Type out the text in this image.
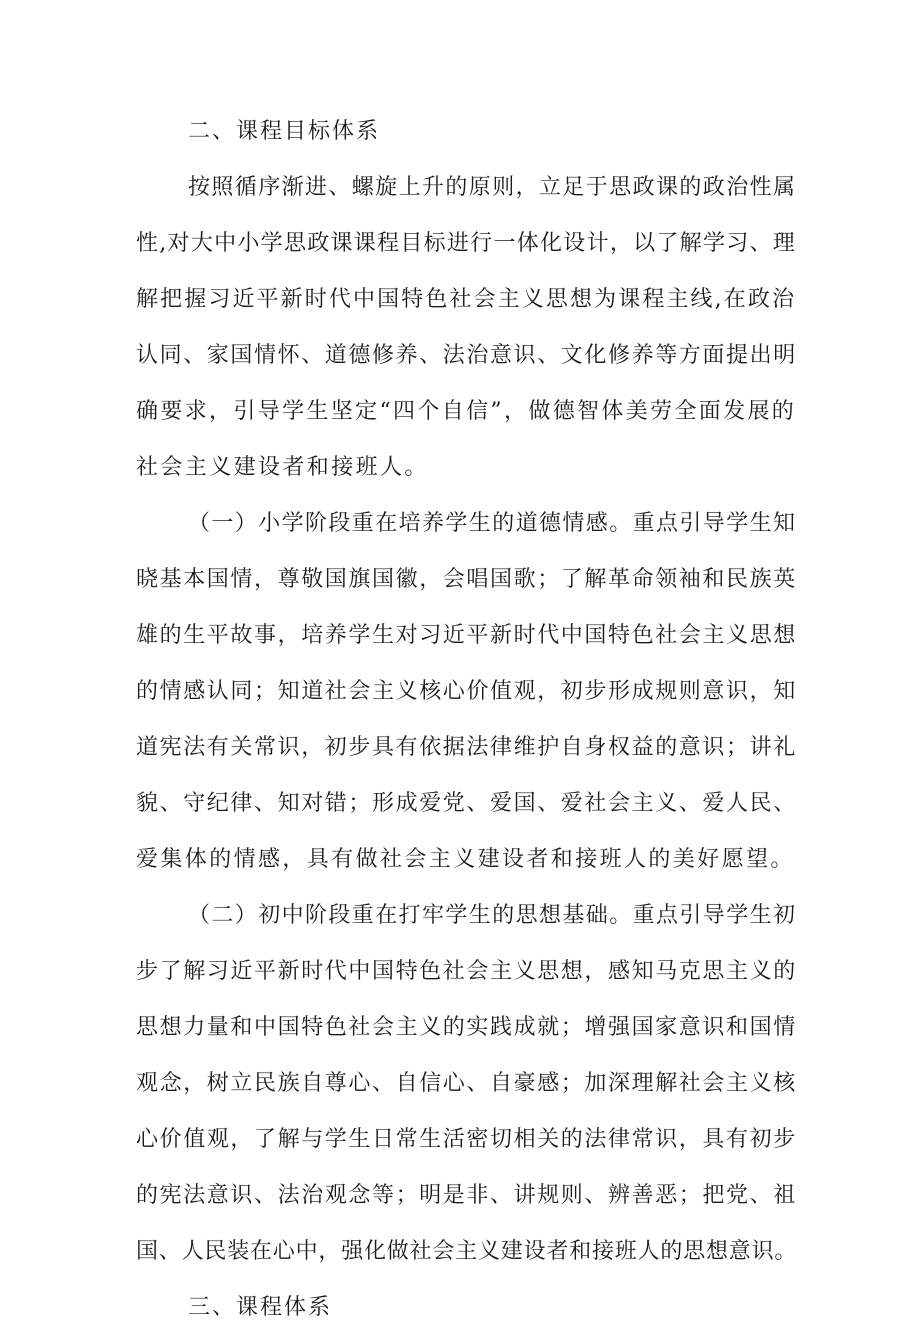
二、课程目标体系

按照循序渐进、螺旋上升的原则，立足于思政课的政治性属
性,对大中小学思政课课程目标进行一体化设计，以了解学习、理
解把握习近平新时代中国特色社会主义思想为课程主线,在政治
认同、家国情怀、道德修养、法治意识、文化修养等方面提出明
确要求，引导学生坚定“四个自信”，做德智体美劳全面发展的
社会主义建设者和接班人。
（一）小学阶段重在培养学生的道德情感。重点引导学生知
晓基本国情，尊敬国旗国徽，会唱国歌；了解革命领袖和民族英
雄的生平故事，培养学生对习近平新时代中国特色社会主义思想
的情感认同；知道社会主义核心价值观，初步形成规则意识，知
道宪法有关常识，初步具有依据法律维护自身权益的意识；讲礼
貌、守纪律、知对错；形成爱党、爱国、爱社会主义、爱人民、
爱集体的情感，具有做社会主义建设者和接班人的美好愿望。
（二）初中阶段重在打牢学生的思想基础。重点引导学生初
步了解习近平新时代中国特色社会主义思想，感知马克思主义的
思想力量和中国特色社会主义的实践成就；增强国家意识和国情
观念，树立民族自尊心、自信心、自豪感；加深理解社会主义核
心价值观，了解与学生日常生活密切相关的法律常识，具有初步
的宪法意识、法治观念等；明是非、讲规则、辨善恶；把党、祖
国、人民装在心中，强化做社会主义建设者和接班人的思想意识。

三、课程体系
